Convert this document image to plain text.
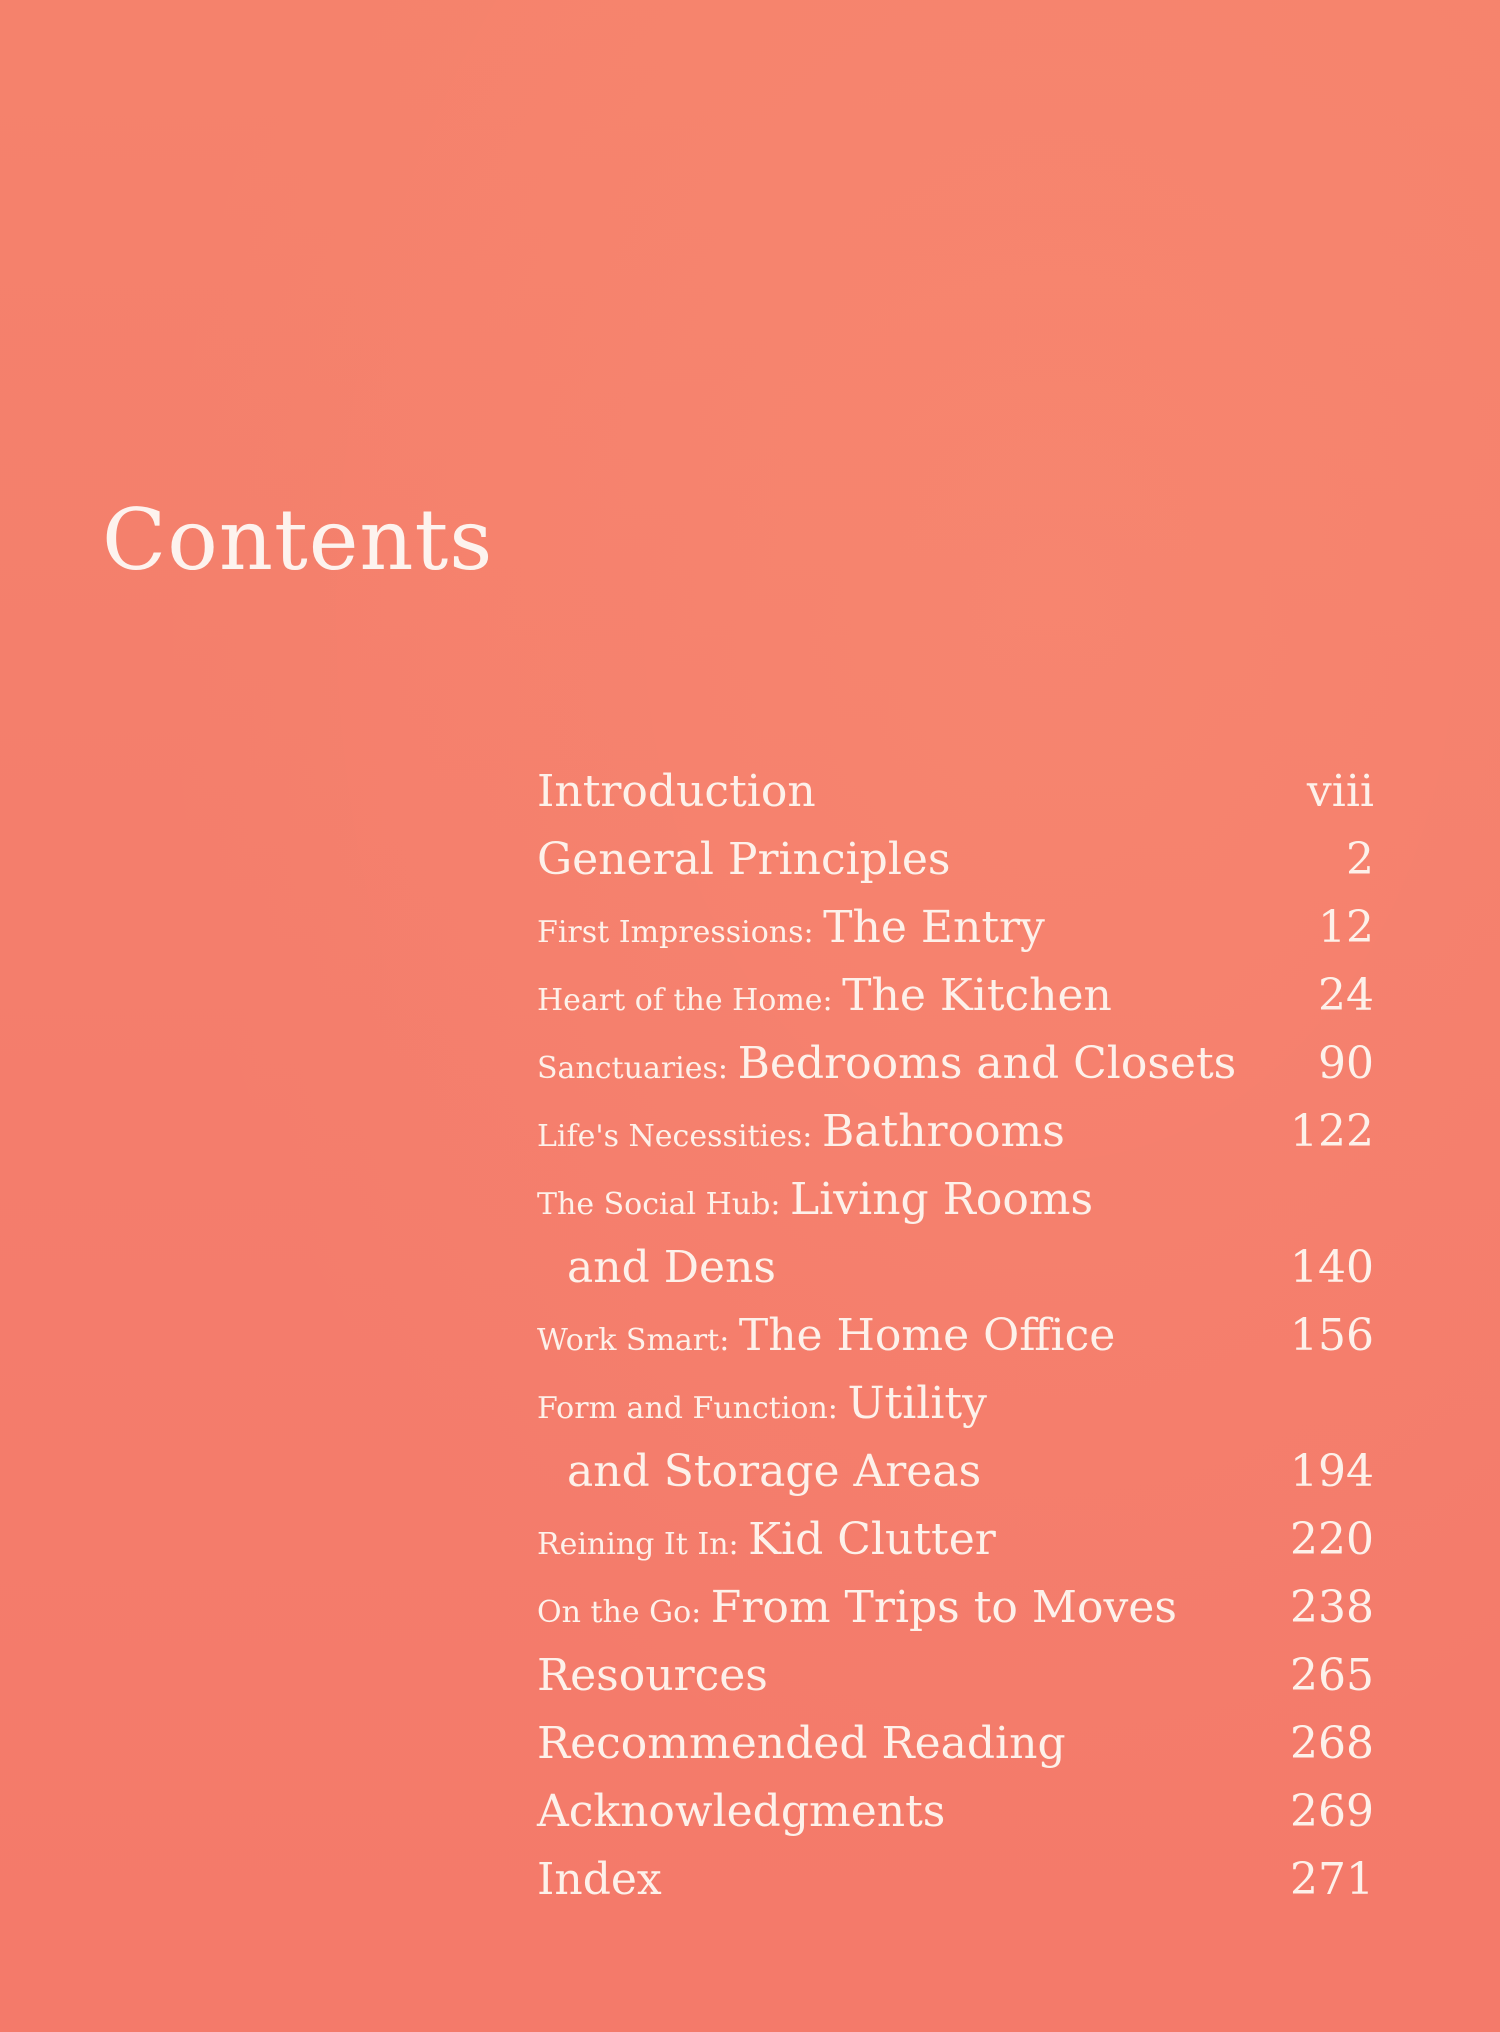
Contents
Introduction	viii
General Principles	2
First Impressions: The Entry	12
Heart of the Home: The Kitchen	24
Sanctuaries: Bedrooms and Closets	90
Life's Necessities: Bathrooms	122
The Social Hub: Living Rooms
and Dens	140
Work Smart: The Home Office	156
Form and Function: Utility
and Storage Areas	194
Reining It In: Kid Clutter	220
On the Go: From Trips to Moves	238
Resources	265
Recommended Reading	268
Acknowledgments	269
Index	271
